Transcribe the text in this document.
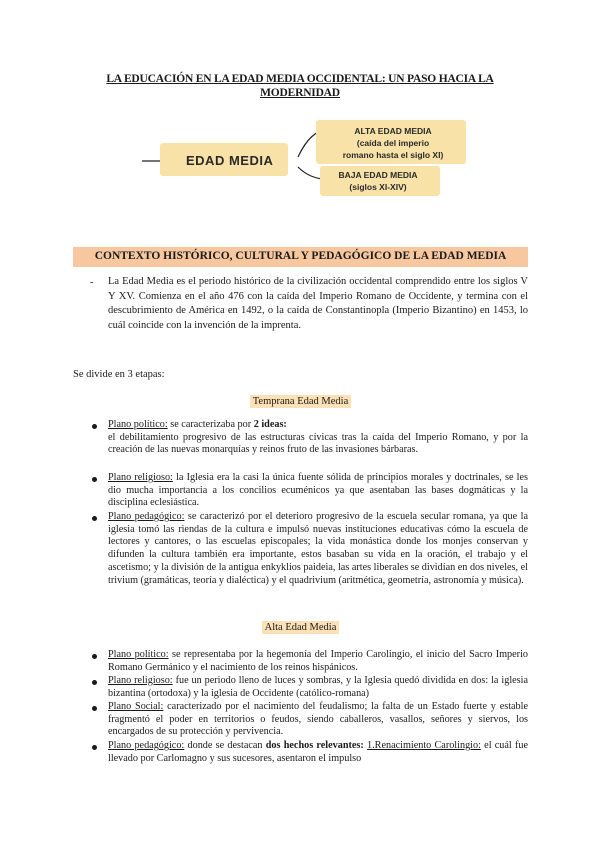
LA EDUCACIÓN EN LA EDAD MEDIA OCCIDENTAL: UN PASO HACIA LA MODERNIDAD
EDAD MEDIA
ALTA EDAD MEDIA
(caída del imperio
romano hasta el siglo XI)
BAJA EDAD MEDIA
(siglos XI-XIV)
CONTEXTO HISTÓRICO, CULTURAL Y PEDAGÓGICO DE LA EDAD MEDIA
- La Edad Media es el periodo histórico de la civilización occidental comprendido entre los siglos V Y XV. Comienza en el año 476 con la caída del Imperio Romano de Occidente, y termina con el descubrimiento de América en 1492, o la caída de Constantinopla (Imperio Bizantino) en 1453, lo cuál coincide con la invención de la imprenta.
Se divide en 3 etapas:
Temprana Edad Media
Plano político: se caracterizaba por 2 ideas:
el debilitamiento progresivo de las estructuras cívicas tras la caída del Imperio Romano, y por la creación de las nuevas monarquías y reinos fruto de las invasiones bárbaras.
Plano religioso: la Iglesia era la casi la única fuente sólida de principios morales y doctrinales, se les dio mucha importancia a los concilios ecuménicos ya que asentaban las bases dogmáticas y la disciplina eclesiástica.
Plano pedagógico: se caracterizó por el deterioro progresivo de la escuela secular romana, ya que la iglesia tomó las riendas de la cultura e impulsó nuevas instituciones educativas cómo la escuela de lectores y cantores, o las escuelas episcopales; la vida monástica donde los monjes conservan y difunden la cultura también era importante, estos basaban su vida en la oración, el trabajo y el ascetismo; y la división de la antigua enkyklios paideia, las artes liberales se dividían en dos niveles, el trivium (gramáticas, teoría y dialéctica) y el quadrivium (aritmética, geometría, astronomía y música).
Alta Edad Media
Plano político: se representaba por la hegemonía del Imperio Carolingio, el inicio del Sacro Imperio Romano Germánico y el nacimiento de los reinos hispánicos.
Plano religioso: fue un periodo lleno de luces y sombras, y la Iglesia quedó dividida en dos: la iglesia bizantina (ortodoxa) y la iglesia de Occidente (católico-romana)
Plano Social: caracterizado por el nacimiento del feudalismo; la falta de un Estado fuerte y estable fragmentó el poder en territorios o feudos, siendo caballeros, vasallos, señores y siervos, los encargados de su protección y pervivencia.
Plano pedagógico: donde se destacan dos hechos relevantes: 1.Renacimiento Carolingio: el cuál fue llevado por Carlomagno y sus sucesores, asentaron el impulso
